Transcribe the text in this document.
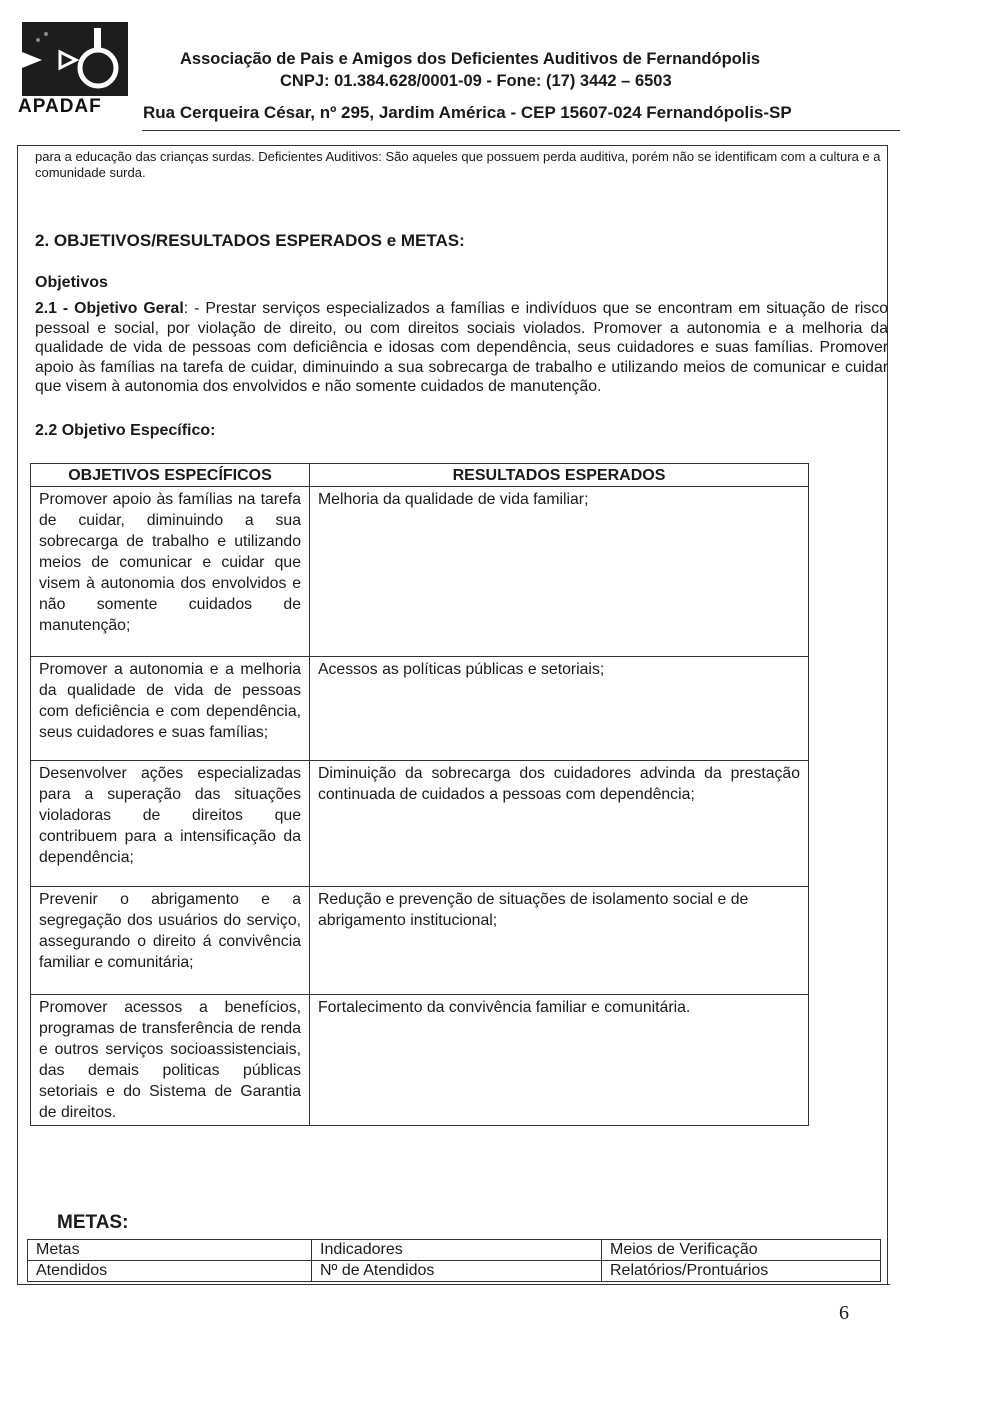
APADAF
Associação de Pais e Amigos dos Deficientes Auditivos de Fernandópolis
CNPJ: 01.384.628/0001-09 - Fone: (17) 3442 – 6503
Rua Cerqueira César, nº 295, Jardim América - CEP 15607-024 Fernandópolis-SP
para a educação das crianças surdas. Deficientes Auditivos: São aqueles que possuem perda auditiva, porém não se identificam com a cultura e a comunidade surda.
2. OBJETIVOS/RESULTADOS ESPERADOS e METAS:
Objetivos
2.1 - Objetivo Geral: - Prestar serviços especializados a famílias e indivíduos que se encontram em situação de risco pessoal e social, por violação de direito, ou com direitos sociais violados. Promover a autonomia e a melhoria da qualidade de vida de pessoas com deficiência e idosas com dependência, seus cuidadores e suas famílias. Promover apoio às famílias na tarefa de cuidar, diminuindo a sua sobrecarga de trabalho e utilizando meios de comunicar e cuidar que visem à autonomia dos envolvidos e não somente cuidados de manutenção.
2.2 Objetivo Específico:
OBJETIVOS ESPECÍFICOS	RESULTADOS ESPERADOS
Promover apoio às famílias na tarefa de cuidar, diminuindo a sua sobrecarga de trabalho e utilizando meios de comunicar e cuidar que visem à autonomia dos envolvidos e não somente cuidados de manutenção;	Melhoria da qualidade de vida familiar;
Promover a autonomia e a melhoria da qualidade de vida de pessoas com deficiência e com dependência, seus cuidadores e suas famílias;	Acessos as políticas públicas e setoriais;
Desenvolver ações especializadas para a superação das situações violadoras de direitos que contribuem para a intensificação da dependência;	Diminuição da sobrecarga dos cuidadores advinda da prestação continuada de cuidados a pessoas com dependência;
Prevenir o abrigamento e a segregação dos usuários do serviço, assegurando o direito á convivência familiar e comunitária;	Redução e prevenção de situações de isolamento social e de abrigamento institucional;
Promover acessos a benefícios, programas de transferência de renda e outros serviços socioassistenciais, das demais politicas públicas setoriais e do Sistema de Garantia de direitos.	Fortalecimento da convivência familiar e comunitária.
METAS:
Metas	Indicadores	Meios de Verificação
Atendidos	Nº de Atendidos	Relatórios/Prontuários
6
